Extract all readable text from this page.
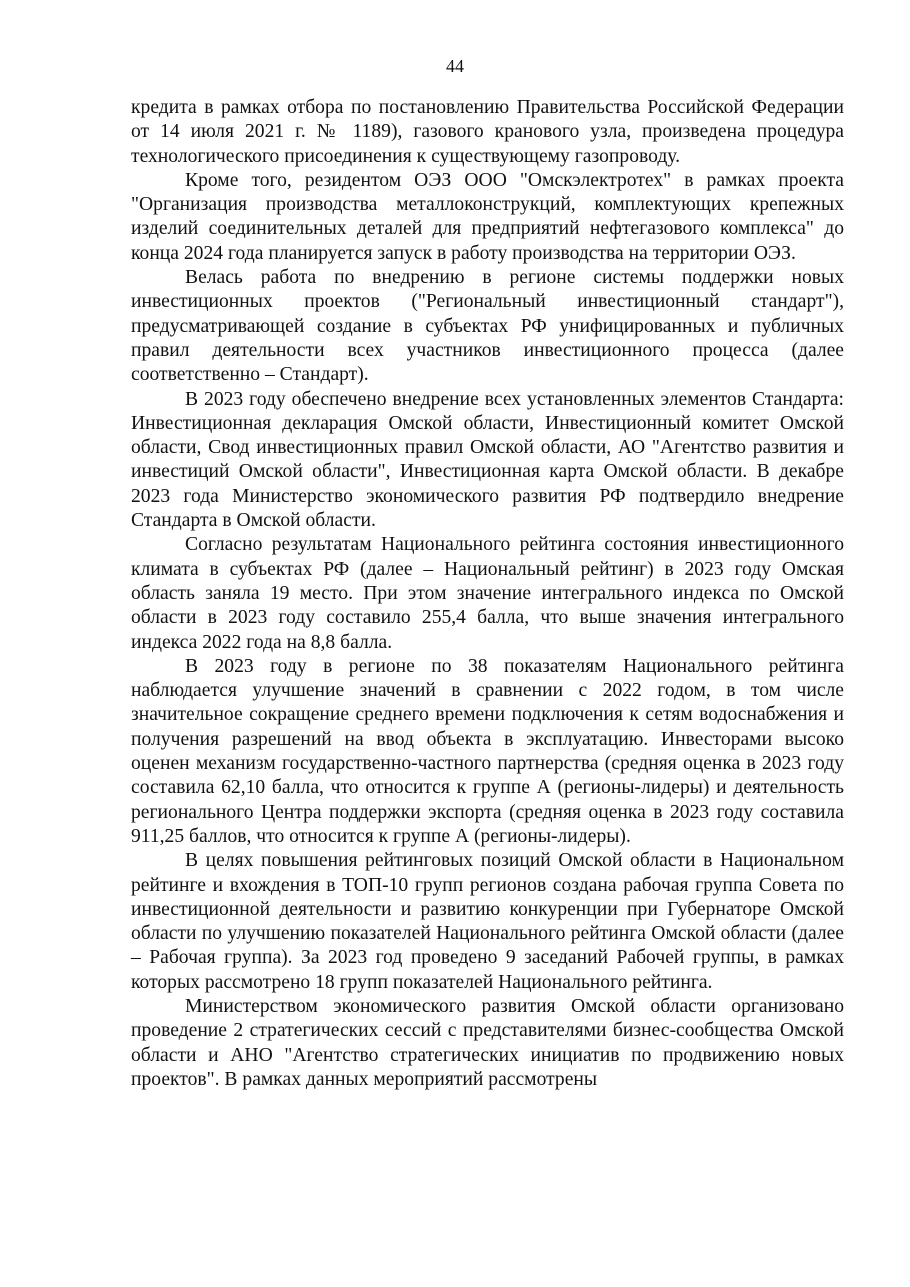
44

кредита в рамках отбора по постановлению Правительства Российской Федерации от 14 июля 2021 г. № 1189), газового кранового узла, произведена процедура технологического присоединения к существующему газопроводу.

Кроме того, резидентом ОЭЗ ООО "Омскэлектротех" в рамках проекта "Организация производства металлоконструкций, комплектующих крепежных изделий соединительных деталей для предприятий нефтегазового комплекса" до конца 2024 года планируется запуск в работу производства на территории ОЭЗ.

Велась работа по внедрению в регионе системы поддержки новых инвестиционных проектов ("Региональный инвестиционный стандарт"), предусматривающей создание в субъектах РФ унифицированных и публичных правил деятельности всех участников инвестиционного процесса (далее соответственно – Стандарт).

В 2023 году обеспечено внедрение всех установленных элементов Стандарта: Инвестиционная декларация Омской области, Инвестиционный комитет Омской области, Свод инвестиционных правил Омской области, АО "Агентство развития и инвестиций Омской области", Инвестиционная карта Омской области. В декабре 2023 года Министерство экономического развития РФ подтвердило внедрение Стандарта в Омской области.

Согласно результатам Национального рейтинга состояния инвестиционного климата в субъектах РФ (далее – Национальный рейтинг) в 2023 году Омская область заняла 19 место. При этом значение интегрального индекса по Омской области в 2023 году составило 255,4 балла, что выше значения интегрального индекса 2022 года на 8,8 балла.

В 2023 году в регионе по 38 показателям Национального рейтинга наблюдается улучшение значений в сравнении с 2022 годом, в том числе значительное сокращение среднего времени подключения к сетям водоснабжения и получения разрешений на ввод объекта в эксплуатацию. Инвесторами высоко оценен механизм государственно-частного партнерства (средняя оценка в 2023 году составила 62,10 балла, что относится к группе А (регионы-лидеры) и деятельность регионального Центра поддержки экспорта (средняя оценка в 2023 году составила 911,25 баллов, что относится к группе А (регионы-лидеры).

В целях повышения рейтинговых позиций Омской области в Национальном рейтинге и вхождения в ТОП-10 групп регионов создана рабочая группа Совета по инвестиционной деятельности и развитию конкуренции при Губернаторе Омской области по улучшению показателей Национального рейтинга Омской области (далее – Рабочая группа). За 2023 год проведено 9 заседаний Рабочей группы, в рамках которых рассмотрено 18 групп показателей Национального рейтинга.

Министерством экономического развития Омской области организовано проведение 2 стратегических сессий с представителями бизнес-сообщества Омской области и АНО "Агентство стратегических инициатив по продвижению новых проектов". В рамках данных мероприятий рассмотрены
